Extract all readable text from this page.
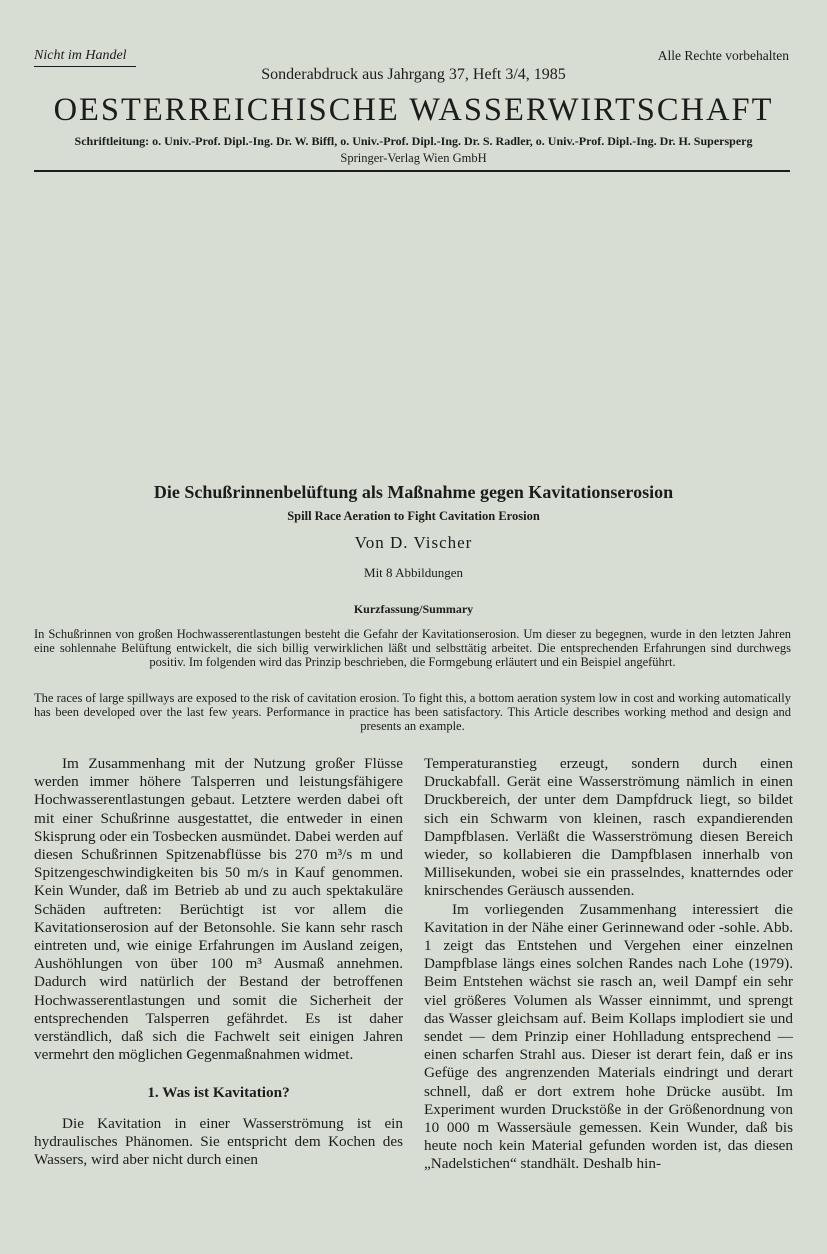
Nicht im Handel	Alle Rechte vorbehalten
Sonderabdruck aus Jahrgang 37, Heft 3/4, 1985
OESTERREICHISCHE WASSERWIRTSCHAFT
Schriftleitung: o. Univ.-Prof. Dipl.-Ing. Dr. W. Biffl, o. Univ.-Prof. Dipl.-Ing. Dr. S. Radler, o. Univ.-Prof. Dipl.-Ing. Dr. H. Supersperg
Springer-Verlag Wien GmbH
Die Schußrinnenbelüftung als Maßnahme gegen Kavitationserosion
Spill Race Aeration to Fight Cavitation Erosion
Von D. Vischer
Mit 8 Abbildungen
Kurzfassung/Summary

In Schußrinnen von großen Hochwasserentlastungen besteht die Gefahr der Kavitationserosion. Um dieser zu begegnen, wurde in den letzten Jahren eine sohlennahe Belüftung entwickelt, die sich billig verwirklichen läßt und selbsttätig arbeitet. Die entsprechenden Erfahrungen sind durchwegs positiv. Im folgenden wird das Prinzip beschrieben, die Formgebung erläutert und ein Beispiel angeführt.

The races of large spillways are exposed to the risk of cavitation erosion. To fight this, a bottom aeration system low in cost and working automatically has been developed over the last few years. Performance in practice has been satisfactory. This Article describes working method and design and presents an example.

Im Zusammenhang mit der Nutzung großer Flüsse werden immer höhere Talsperren und leistungsfähigere Hochwasserentlastungen gebaut. Letztere werden dabei oft mit einer Schußrinne ausgestattet, die entweder in einen Skisprung oder ein Tosbecken ausmündet. Dabei werden auf diesen Schußrinnen Spitzenabflüsse bis 270 m³/s m und Spitzengeschwindigkeiten bis 50 m/s in Kauf genommen. Kein Wunder, daß im Betrieb ab und zu auch spektakuläre Schäden auftreten: Berüchtigt ist vor allem die Kavitationserosion auf der Betonsohle. Sie kann sehr rasch eintreten und, wie einige Erfahrungen im Ausland zeigen, Aushöhlungen von über 100 m³ Ausmaß annehmen. Dadurch wird natürlich der Bestand der betroffenen Hochwasserentlastungen und somit die Sicherheit der entsprechenden Talsperren gefährdet. Es ist daher verständlich, daß sich die Fachwelt seit einigen Jahren vermehrt den möglichen Gegenmaßnahmen widmet.

1. Was ist Kavitation?

Die Kavitation in einer Wasserströmung ist ein hydraulisches Phänomen. Sie entspricht dem Kochen des Wassers, wird aber nicht durch einen

Temperaturanstieg erzeugt, sondern durch einen Druckabfall. Gerät eine Wasserströmung nämlich in einen Druckbereich, der unter dem Dampfdruck liegt, so bildet sich ein Schwarm von kleinen, rasch expandierenden Dampfblasen. Verläßt die Wasserströmung diesen Bereich wieder, so kollabieren die Dampfblasen innerhalb von Millisekunden, wobei sie ein prasselndes, knatterndes oder knirschendes Geräusch aussenden.

Im vorliegenden Zusammenhang interessiert die Kavitation in der Nähe einer Gerinnewand oder -sohle. Abb. 1 zeigt das Entstehen und Vergehen einer einzelnen Dampfblase längs eines solchen Randes nach Lohe (1979). Beim Entstehen wächst sie rasch an, weil Dampf ein sehr viel größeres Volumen als Wasser einnimmt, und sprengt das Wasser gleichsam auf. Beim Kollaps implodiert sie und sendet — dem Prinzip einer Hohlladung entsprechend — einen scharfen Strahl aus. Dieser ist derart fein, daß er ins Gefüge des angrenzenden Materials eindringt und derart schnell, daß er dort extrem hohe Drücke ausübt. Im Experiment wurden Druckstöße in der Größenordnung von 10 000 m Wassersäule gemessen. Kein Wunder, daß bis heute noch kein Material gefunden worden ist, das diesen „Nadelstichen“ standhält. Deshalb hin-
